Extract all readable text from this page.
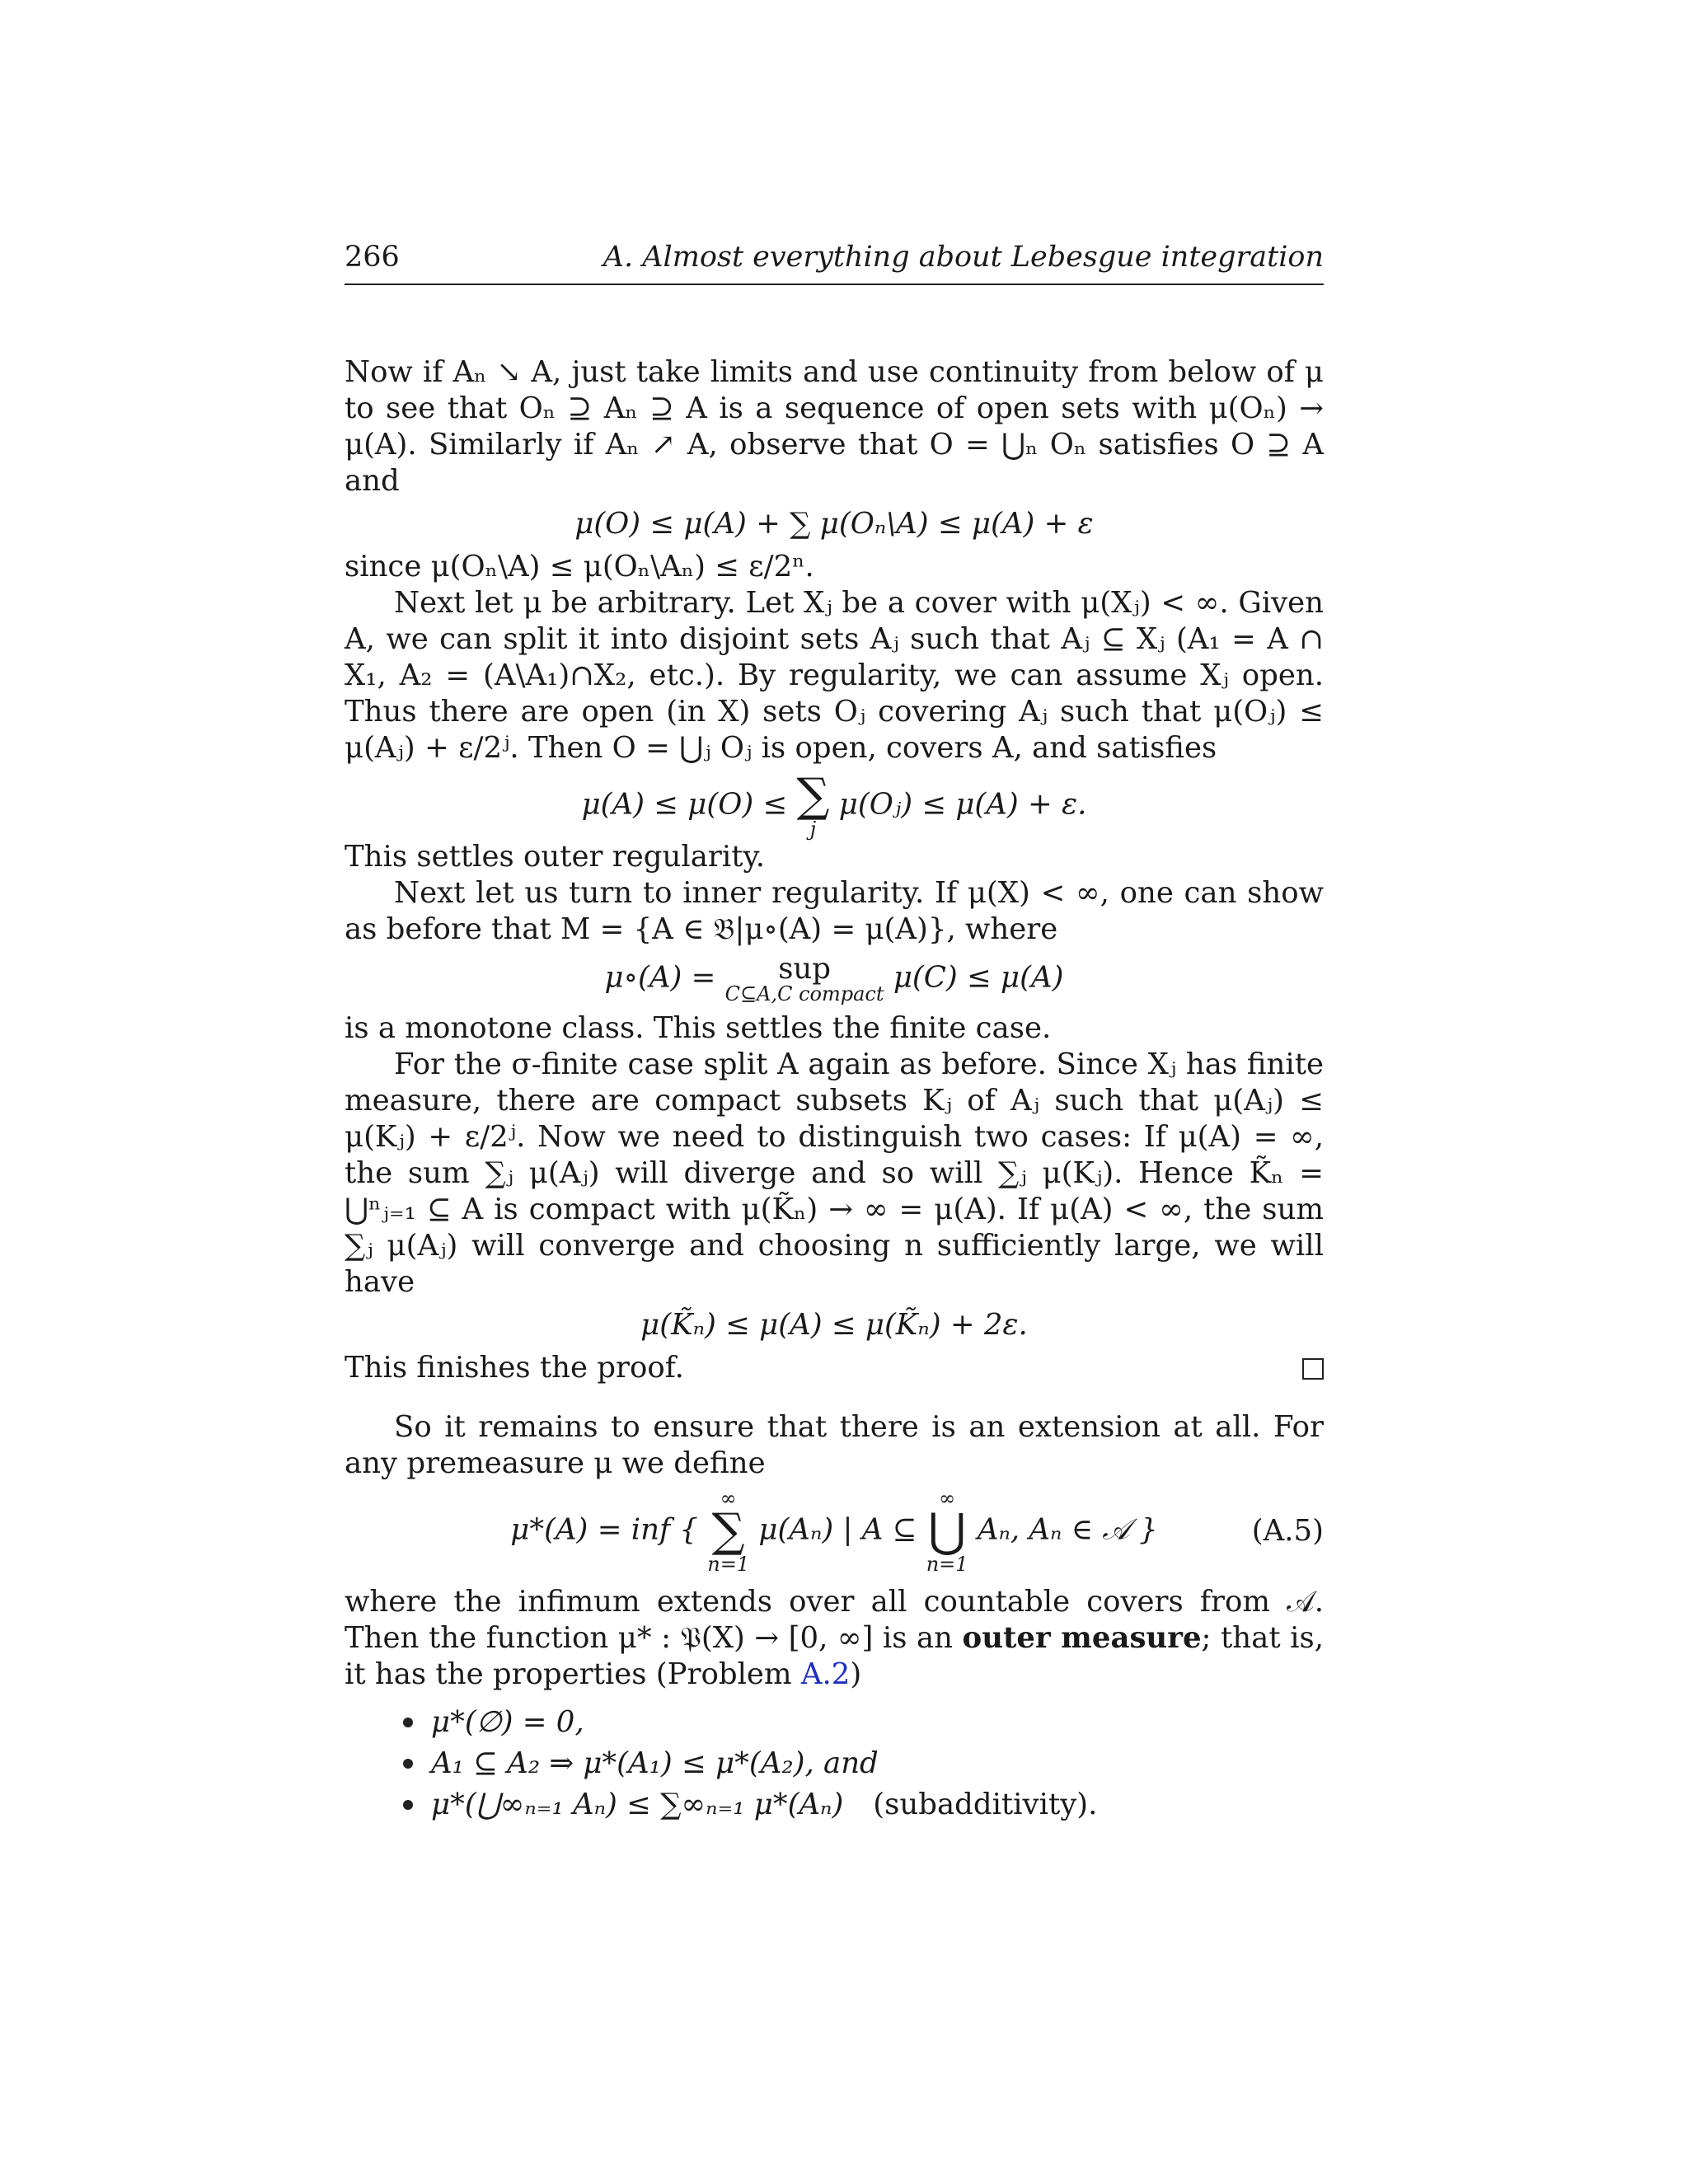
266	A. Almost everything about Lebesgue integration

Now if Aₙ ↘ A, just take limits and use continuity from below of μ to see that Oₙ ⊇ Aₙ ⊇ A is a sequence of open sets with μ(Oₙ) → μ(A). Similarly if Aₙ ↗ A, observe that O = ⋃ₙ Oₙ satisfies O ⊇ A and

μ(O) ≤ μ(A) + ∑ μ(Oₙ\A) ≤ μ(A) + ε

since μ(Oₙ\A) ≤ μ(Oₙ\Aₙ) ≤ ε/2ⁿ.

Next let μ be arbitrary. Let Xⱼ be a cover with μ(Xⱼ) < ∞. Given A, we can split it into disjoint sets Aⱼ such that Aⱼ ⊆ Xⱼ (A₁ = A ∩ X₁, A₂ = (A\A₁)∩X₂, etc.). By regularity, we can assume Xⱼ open. Thus there are open (in X) sets Oⱼ covering Aⱼ such that μ(Oⱼ) ≤ μ(Aⱼ) + ε/2ʲ. Then O = ⋃ⱼ Oⱼ is open, covers A, and satisfies

μ(A) ≤ μ(O) ≤ ∑
j
μ(Oⱼ) ≤ μ(A) + ε.

This settles outer regularity.

Next let us turn to inner regularity. If μ(X) < ∞, one can show as before that M = {A ∈ 𝔅|μ∘(A) = μ(A)}, where

μ∘(A) = sup
C⊆A,C compact μ(C) ≤ μ(A)

is a monotone class. This settles the finite case.

For the σ-finite case split A again as before. Since Xⱼ has finite measure, there are compact subsets Kⱼ of Aⱼ such that μ(Aⱼ) ≤ μ(Kⱼ) + ε/2ʲ. Now we need to distinguish two cases: If μ(A) = ∞, the sum ∑ⱼ μ(Aⱼ) will diverge and so will ∑ⱼ μ(Kⱼ). Hence K̃ₙ = ⋃ⁿⱼ₌₁ ⊆ A is compact with μ(K̃ₙ) → ∞ = μ(A). If μ(A) < ∞, the sum ∑ⱼ μ(Aⱼ) will converge and choosing n sufficiently large, we will have

μ(K̃ₙ) ≤ μ(A) ≤ μ(K̃ₙ) + 2ε.

This finishes the proof.

So it remains to ensure that there is an extension at all. For any premeasure μ we define

μ*(A) = inf {
∞
∑
n=1
μ(Aₙ) | A ⊆
∞
⋃
n=1
Aₙ, Aₙ ∈ 𝒜 }	(A.5)

where the infimum extends over all countable covers from 𝒜. Then the function μ* : 𝔓(X) → [0, ∞] is an outer measure; that is, it has the properties (Problem A.2)

μ*(∅) = 0,
A₁ ⊆ A₂ ⇒ μ*(A₁) ≤ μ*(A₂), and
μ*(⋃∞ₙ₌₁ Aₙ) ≤ ∑∞ₙ₌₁ μ*(Aₙ) (subadditivity).
